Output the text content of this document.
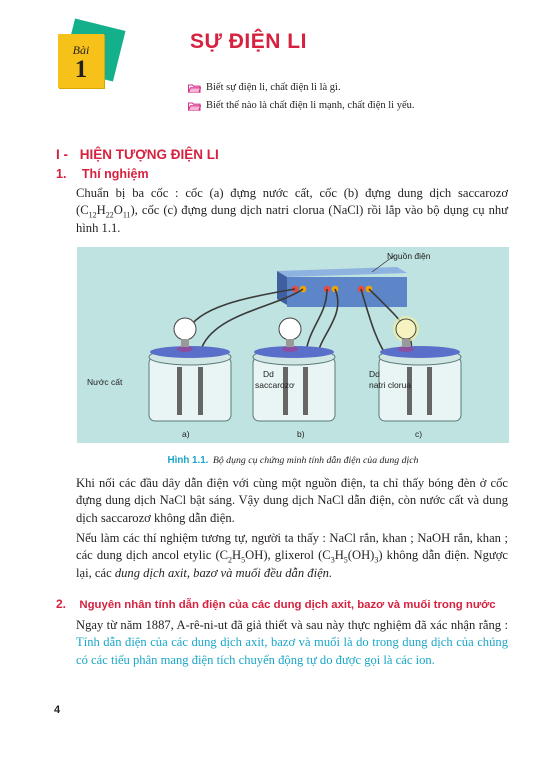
Bài
1
SỰ ĐIỆN LI
Biết sự điện li, chất điện li là gì.
Biết thế nào là chất điện li mạnh, chất điện li yếu.
I - HIỆN TƯỢNG ĐIỆN LI
1. Thí nghiệm
Chuẩn bị ba cốc : cốc (a) đựng nước cất, cốc (b) đựng dung dịch saccarozơ $(C_{12}H_{22}O_{11})$, cốc (c) đựng dung dịch natri clorua (NaCl) rồi lắp vào bộ dụng cụ như hình 1.1.
Nguồn điện
Nước cất
Dd
saccarozơ
Dd
natri clorua
a)	b)	c)
Hình 1.1. Bộ dụng cụ chứng minh tính dẫn điện của dung dịch
Khi nối các đầu dây dẫn điện với cùng một nguồn điện, ta chỉ thấy bóng đèn ở cốc đựng dung dịch NaCl bật sáng. Vậy dung dịch NaCl dẫn điện, còn nước cất và dung dịch saccarozơ không dẫn điện.
Nếu làm các thí nghiệm tương tự, người ta thấy : NaCl rắn, khan ; NaOH rắn, khan ; các dung dịch ancol etylic $(C_2H_5OH)$, glixerol $(C_3H_5(OH)_3)$ không dẫn điện. Ngược lại, các dung dịch axit, bazơ và muối đều dẫn điện.
2. Nguyên nhân tính dẫn điện của các dung dịch axit, bazơ và muối trong nước
Ngay từ năm 1887, A-rê-ni-ut đã giả thiết và sau này thực nghiệm đã xác nhận rằng : Tính dẫn điện của các dung dịch axit, bazơ và muối là do trong dung dịch của chúng có các tiểu phân mang điện tích chuyển động tự do được gọi là các ion.
4
